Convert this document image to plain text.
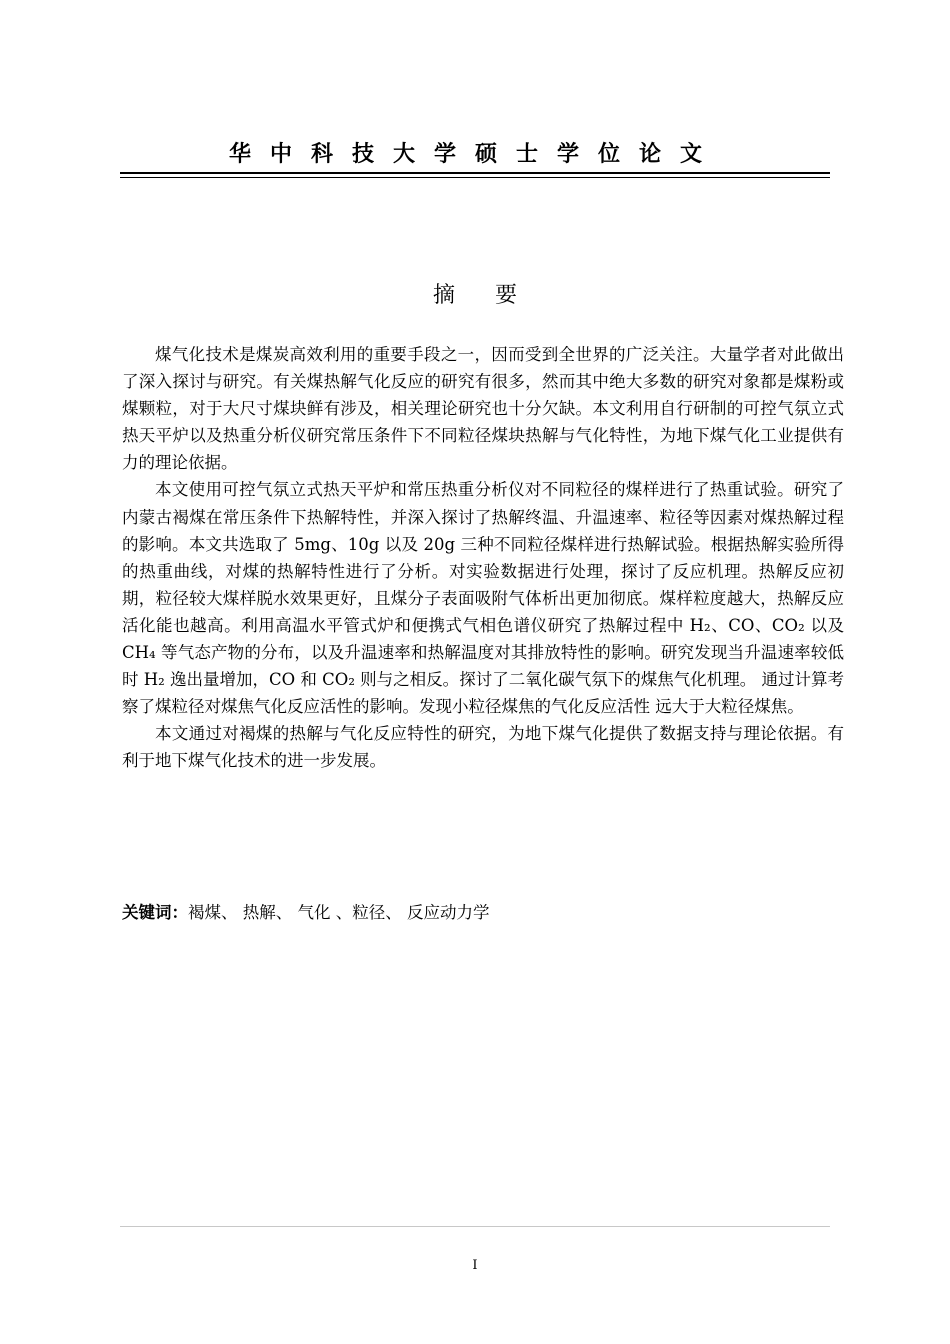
华中科技大学硕士学位论文
摘要

煤气化技术是煤炭高效利用的重要手段之一，因而受到全世界的广泛关注。大量学者对此做出了深入探讨与研究。有关煤热解气化反应的研究有很多，然而其中绝大多数的研究对象都是煤粉或煤颗粒，对于大尺寸煤块鲜有涉及，相关理论研究也十分欠缺。本文利用自行研制的可控气氛立式热天平炉以及热重分析仪研究常压条件下不同粒径煤块热解与气化特性，为地下煤气化工业提供有力的理论依据。

本文使用可控气氛立式热天平炉和常压热重分析仪对不同粒径的煤样进行了热重试验。研究了内蒙古褐煤在常压条件下热解特性，并深入探讨了热解终温、升温速率、粒径等因素对煤热解过程的影响。本文共选取了 5mg、10g 以及 20g 三种不同粒径煤样进行热解试验。根据热解实验所得的热重曲线，对煤的热解特性进行了分析。对实验数据进行处理，探讨了反应机理。热解反应初期，粒径较大煤样脱水效果更好，且煤分子表面吸附气体析出更加彻底。煤样粒度越大，热解反应活化能也越高。利用高温水平管式炉和便携式气相色谱仪研究了热解过程中 H₂、CO、CO₂ 以及 CH₄ 等气态产物的分布，以及升温速率和热解温度对其排放特性的影响。研究发现当升温速率较低时 H₂ 逸出量增加，CO 和 CO₂ 则与之相反。探讨了二氧化碳气氛下的煤焦气化机理。 通过计算考察了煤粒径对煤焦气化反应活性的影响。发现小粒径煤焦的气化反应活性 远大于大粒径煤焦。

本文通过对褐煤的热解与气化反应特性的研究，为地下煤气化提供了数据支持与理论依据。有利于地下煤气化技术的进一步发展。

关键词：褐煤、 热解、 气化 、粒径、 反应动力学
I
